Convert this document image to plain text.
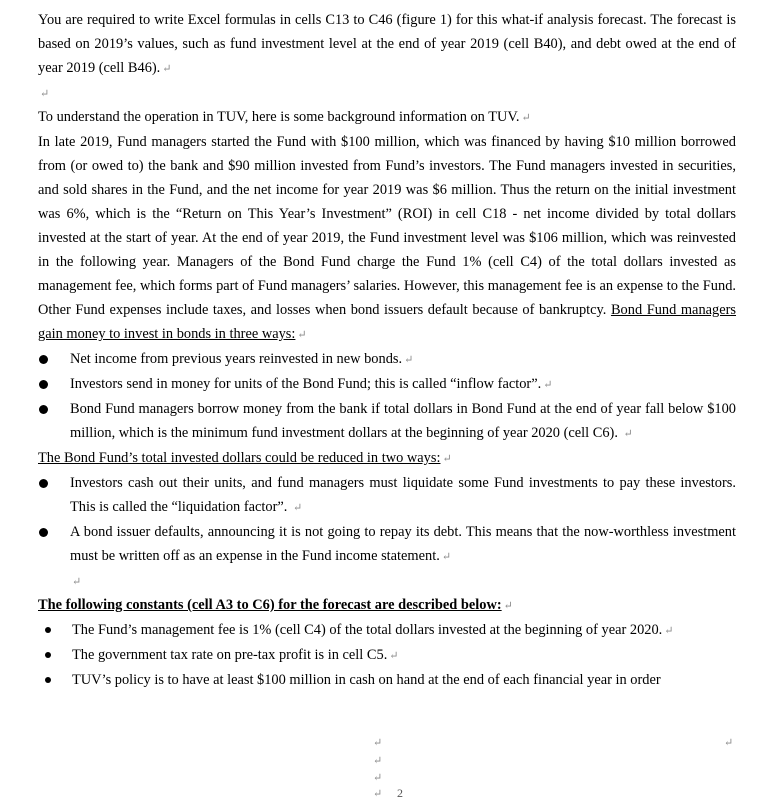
You are required to write Excel formulas in cells C13 to C46 (figure 1) for this what-if analysis forecast. The forecast is based on 2019’s values, such as fund investment level at the end of year 2019 (cell B40), and debt owed at the end of year 2019 (cell B46). ↵

↵

To understand the operation in TUV, here is some background information on TUV. ↵

In late 2019, Fund managers started the Fund with $100 million, which was financed by having $10 million borrowed from (or owed to) the bank and $90 million invested from Fund’s investors. The Fund managers invested in securities, and sold shares in the Fund, and the net income for year 2019 was $6 million. Thus the return on the initial investment was 6%, which is the “Return on This Year’s Investment” (ROI) in cell C18 - net income divided by total dollars invested at the start of year. At the end of year 2019, the Fund investment level was $106 million, which was reinvested in the following year. Managers of the Bond Fund charge the Fund 1% (cell C4) of the total dollars invested as management fee, which forms part of Fund managers’ salaries. However, this management fee is an expense to the Fund. Other Fund expenses include taxes, and losses when bond issuers default because of bankruptcy. Bond Fund managers gain money to invest in bonds in three ways: ↵

Net income from previous years reinvested in new bonds. ↵
Investors send in money for units of the Bond Fund; this is called “inflow factor”. ↵
Bond Fund managers borrow money from the bank if total dollars in Bond Fund at the end of year fall below $100 million, which is the minimum fund investment dollars at the beginning of year 2020 (cell C6). ↵

The Bond Fund’s total invested dollars could be reduced in two ways: ↵

Investors cash out their units, and fund managers must liquidate some Fund investments to pay these investors. This is called the “liquidation factor”. ↵
A bond issuer defaults, announcing it is not going to repay its debt. This means that the now-worthless investment must be written off as an expense in the Fund income statement. ↵
↵

The following constants (cell A3 to C6) for the forecast are described below: ↵

The Fund’s management fee is 1% (cell C4) of the total dollars invested at the beginning of year 2020. ↵
The government tax rate on pre-tax profit is in cell C5. ↵
TUV’s policy is to have at least $100 million in cash on hand at the end of each financial year in order
↵	↵
↵
↵
↵ 2
